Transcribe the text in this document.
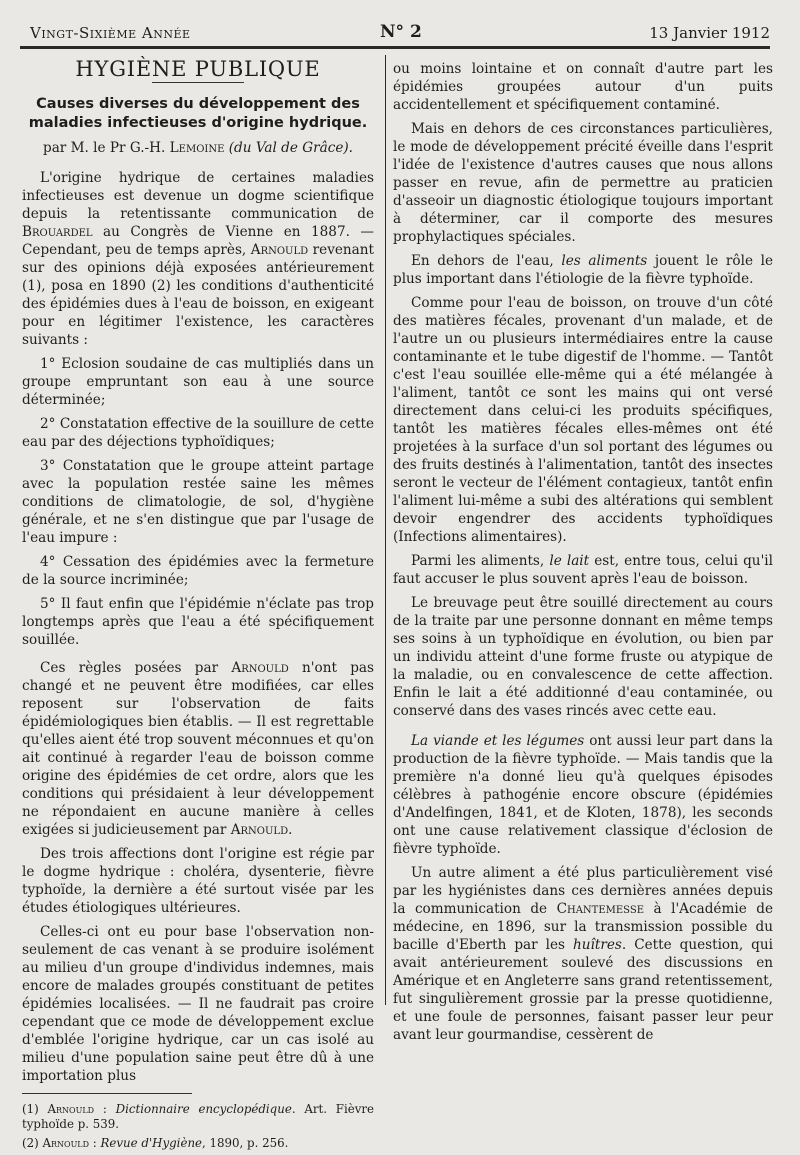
Vingt-Sixième Année	N° 2	13 Janvier 1912
HYGIÈNE PUBLIQUE
Causes diverses du développement des maladies infectieuses d'origine hydrique.
par M. le Pr G.-H. Lemoine (du Val de Grâce).

L'origine hydrique de certaines maladies infectieuses est devenue un dogme scientifique depuis la retentissante communication de Brouardel au Congrès de Vienne en 1887. — Cependant, peu de temps après, Arnould revenant sur des opinions déjà exposées antérieurement (1), posa en 1890 (2) les conditions d'authenticité des épidémies dues à l'eau de boisson, en exigeant pour en légitimer l'existence, les caractères suivants :

1° Eclosion soudaine de cas multipliés dans un groupe empruntant son eau à une source déterminée;

2° Constatation effective de la souillure de cette eau par des déjections typhoïdiques;

3° Constatation que le groupe atteint partage avec la population restée saine les mêmes conditions de climatologie, de sol, d'hygiène générale, et ne s'en distingue que par l'usage de l'eau impure :

4° Cessation des épidémies avec la fermeture de la source incriminée;

5° Il faut enfin que l'épidémie n'éclate pas trop longtemps après que l'eau a été spécifiquement souillée.

Ces règles posées par Arnould n'ont pas changé et ne peuvent être modifiées, car elles reposent sur l'observation de faits épidémiologiques bien établis. — Il est regrettable qu'elles aient été trop souvent méconnues et qu'on ait continué à regarder l'eau de boisson comme origine des épidémies de cet ordre, alors que les conditions qui présidaient à leur développement ne répondaient en aucune manière à celles exigées si judicieusement par Arnould.

Des trois affections dont l'origine est régie par le dogme hydrique : choléra, dysenterie, fièvre typhoïde, la dernière a été surtout visée par les études étiologiques ultérieures.

Celles-ci ont eu pour base l'observation non-seulement de cas venant à se produire isolément au milieu d'un groupe d'individus indemnes, mais encore de malades groupés constituant de petites épidémies localisées. — Il ne faudrait pas croire cependant que ce mode de développement exclue d'emblée l'origine hydrique, car un cas isolé au milieu d'une population saine peut être dû à une importation plus

(1) Arnould : Dictionnaire encyclopédique. Art. Fièvre typhoïde p. 539.

(2) Arnould : Revue d'Hygiène, 1890, p. 256.

ou moins lointaine et on connaît d'autre part les épidémies groupées autour d'un puits accidentellement et spécifiquement contaminé.

Mais en dehors de ces circonstances particulières, le mode de développement précité éveille dans l'esprit l'idée de l'existence d'autres causes que nous allons passer en revue, afin de permettre au praticien d'asseoir un diagnostic étiologique toujours important à déterminer, car il comporte des mesures prophylactiques spéciales.

En dehors de l'eau, les aliments jouent le rôle le plus important dans l'étiologie de la fièvre typhoïde.

Comme pour l'eau de boisson, on trouve d'un côté des matières fécales, provenant d'un malade, et de l'autre un ou plusieurs intermédiaires entre la cause contaminante et le tube digestif de l'homme. — Tantôt c'est l'eau souillée elle-même qui a été mélangée à l'aliment, tantôt ce sont les mains qui ont versé directement dans celui-ci les produits spécifiques, tantôt les matières fécales elles-mêmes ont été projetées à la surface d'un sol portant des légumes ou des fruits destinés à l'alimentation, tantôt des insectes seront le vecteur de l'élément contagieux, tantôt enfin l'aliment lui-même a subi des altérations qui semblent devoir engendrer des accidents typhoïdiques (Infections alimentaires).

Parmi les aliments, le lait est, entre tous, celui qu'il faut accuser le plus souvent après l'eau de boisson.

Le breuvage peut être souillé directement au cours de la traite par une personne donnant en même temps ses soins à un typhoïdique en évolution, ou bien par un individu atteint d'une forme fruste ou atypique de la maladie, ou en convalescence de cette affection. Enfin le lait a été additionné d'eau contaminée, ou conservé dans des vases rincés avec cette eau.

La viande et les légumes ont aussi leur part dans la production de la fièvre typhoïde. — Mais tandis que la première n'a donné lieu qu'à quelques épisodes célèbres à pathogénie encore obscure (épidémies d'Andelfingen, 1841, et de Kloten, 1878), les seconds ont une cause relativement classique d'éclosion de fièvre typhoïde.

Un autre aliment a été plus particulièrement visé par les hygiénistes dans ces dernières années depuis la communication de Chantemesse à l'Académie de médecine, en 1896, sur la transmission possible du bacille d'Eberth par les huîtres. Cette question, qui avait antérieurement soulevé des discussions en Amérique et en Angleterre sans grand retentissement, fut singulièrement grossie par la presse quotidienne, et une foule de personnes, faisant passer leur peur avant leur gourmandise, cessèrent de
